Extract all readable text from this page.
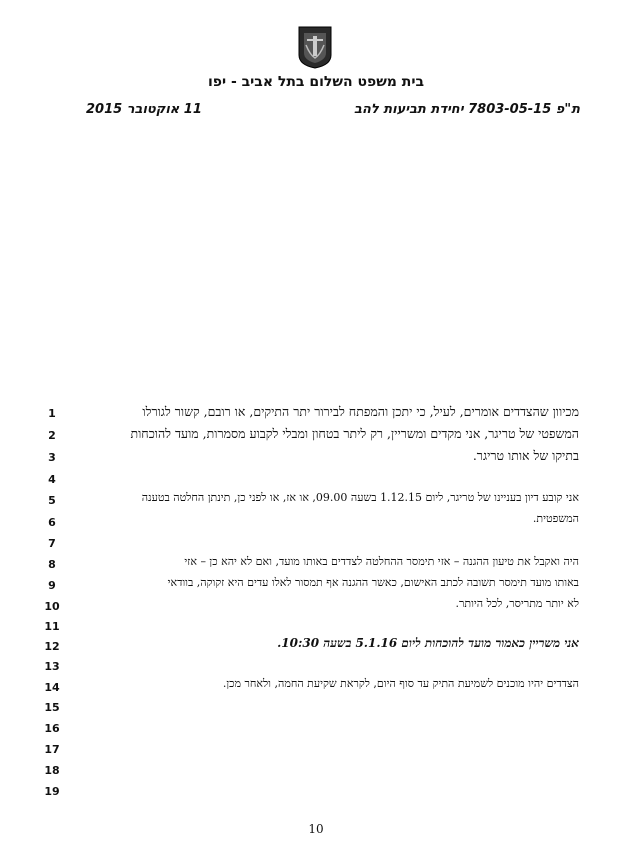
בית משפט השלום בתל אביב - יפו
ת"פ 7803-05-15 יחידת תביעות להב
11 אוקטובר 2015
1	מכיוון שהצדדים אומרים, לעיל, כי יתכן והמפתח לבירור יתר התיקים, או רובם, קשור לגורלו
2	המשפטי של טריגר, אני מקדים ומשריין, רק ליתר בטחון ומבלי לקבוע מסמרות, מועד להוכחות
3	בתיקו של אותו טריגר.
4
5	אני קובע דיון בעניינו של טריגר, ליום 1.12.15 בשעה 09.00, או אז, או לפני כן, תינתן החלטה בטענה
6	המשפטית.
7
8	היה ואקבל את טיעון ההגנה – אזי תימסר ההחלטה לצדדים באותו מועד, ואם לא יהא כן – אזי
9	באותו מועד תימסר תשובה לכתב האישום, כאשר ההגנה אף תמסור לאלו עדים היא זקוקה, בוודאי
10	לא יותר מתריסר, לכל היותר.
11
12	אני משריין כאמור מועד להוכחות ליום 5.1.16 בשעה 10:30.
13
14	הצדדים יהיו מוכנים לשמיעת התיק עד סוף היום, לקראת שקיעת החמה, ולאחר מכן.
15
16
17
18
19
10
